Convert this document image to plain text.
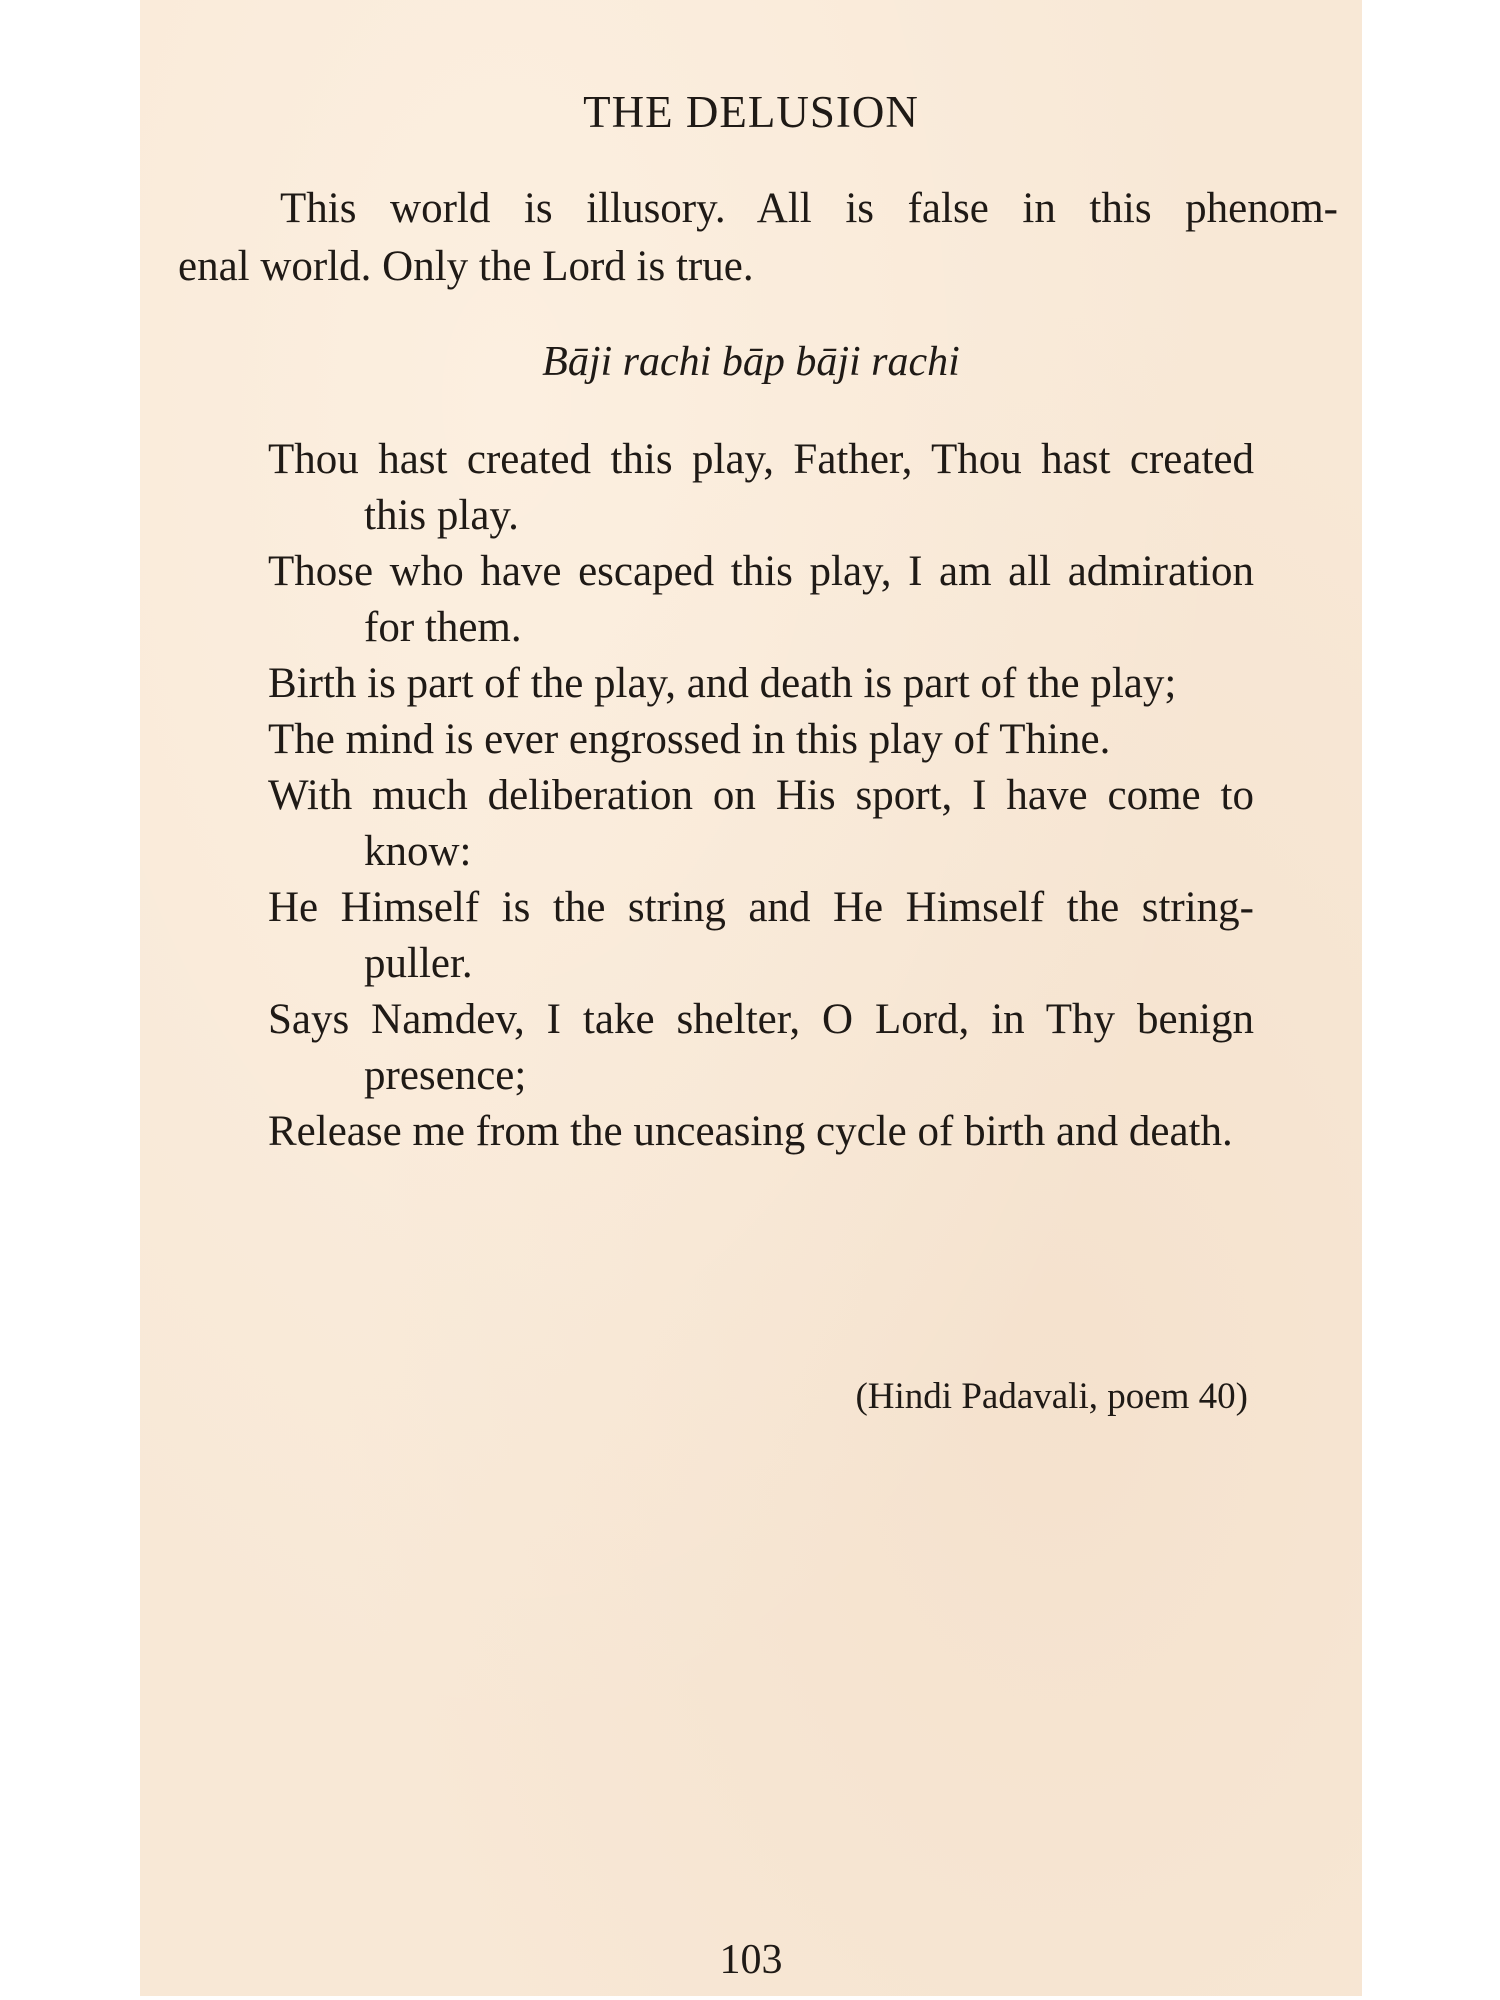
THE DELUSION

This world is illusory. All is false in this phenom-
enal world. Only the Lord is true.

Bāji rachi bāp bāji rachi

Thou hast created this play, Father, Thou hast created this play.
Those who have escaped this play, I am all admiration for them.
Birth is part of the play, and death is part of the play;
The mind is ever engrossed in this play of Thine.
With much deliberation on His sport, I have come to know:
He Himself is the string and He Himself the string-puller.
Says Namdev, I take shelter, O Lord, in Thy benign presence;
Release me from the unceasing cycle of birth and death.

(Hindi Padavali, poem 40)

103
